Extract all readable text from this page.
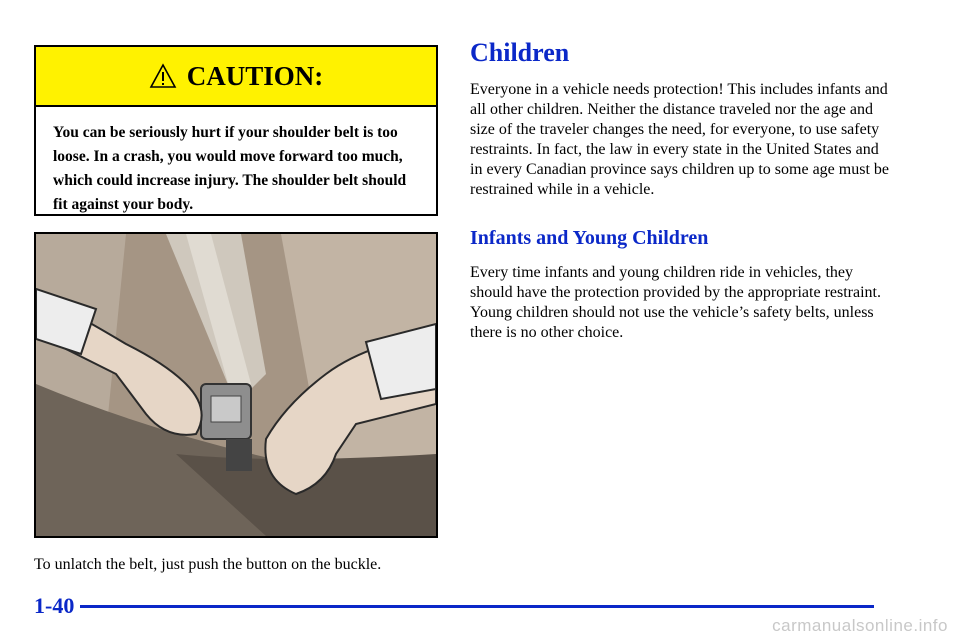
CAUTION:
You can be seriously hurt if your shoulder belt is too loose. In a crash, you would move forward too much, which could increase injury. The shoulder belt should fit against your body.
To unlatch the belt, just push the button on the buckle.
Children

Everyone in a vehicle needs protection! This includes infants and all other children. Neither the distance traveled nor the age and size of the traveler changes the need, for everyone, to use safety restraints. In fact, the law in every state in the United States and in every Canadian province says children up to some age must be restrained while in a vehicle.

Infants and Young Children

Every time infants and young children ride in vehicles, they should have the protection provided by the appropriate restraint. Young children should not use the vehicle’s safety belts, unless there is no other choice.

1-40
carmanualsonline.info
